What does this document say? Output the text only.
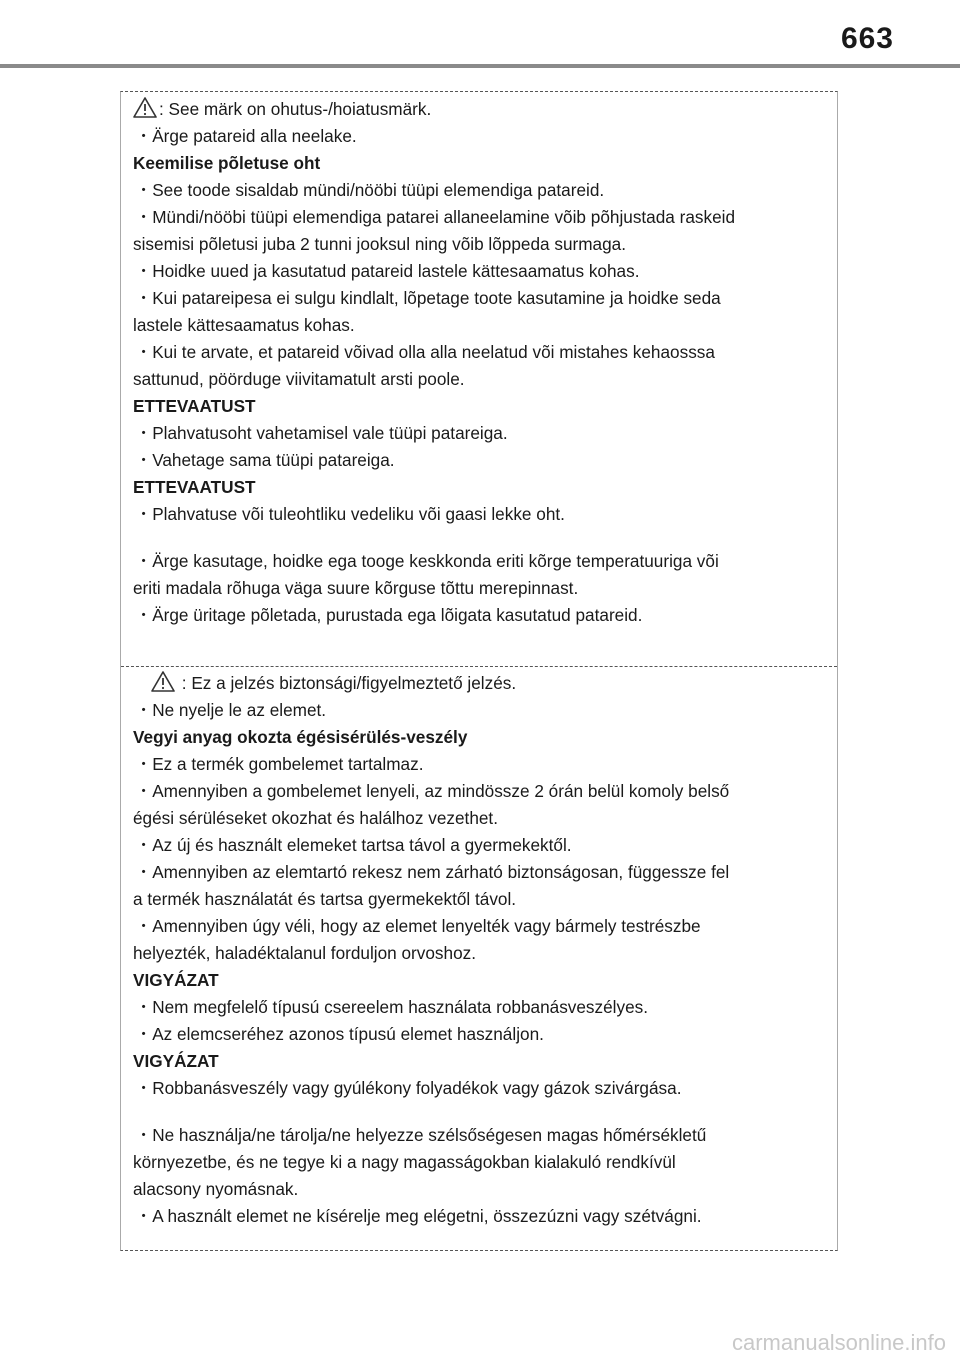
663
: See märk on ohutus-/hoiatusmärk.
・Ärge patareid alla neelake.
Keemilise põletuse oht
・See toode sisaldab mündi/nööbi tüüpi elemendiga patareid.
・Mündi/nööbi tüüpi elemendiga patarei allaneelamine võib põhjustada raskeid
sisemisi põletusi juba 2 tunni jooksul ning võib lõppeda surmaga.
・Hoidke uued ja kasutatud patareid lastele kättesaamatus kohas.
・Kui patareipesa ei sulgu kindlalt, lõpetage toote kasutamine ja hoidke seda
lastele kättesaamatus kohas.
・Kui te arvate, et patareid võivad olla alla neelatud või mistahes kehaosssa
sattunud, pöörduge viivitamatult arsti poole.
ETTEVAATUST
・Plahvatusoht vahetamisel vale tüüpi patareiga.
・Vahetage sama tüüpi patareiga.
ETTEVAATUST
・Plahvatuse või tuleohtliku vedeliku või gaasi lekke oht.
・Ärge kasutage, hoidke ega tooge keskkonda eriti kõrge temperatuuriga või
eriti madala rõhuga väga suure kõrguse tõttu merepinnast.
・Ärge üritage põletada, purustada ega lõigata kasutatud patareid.
: Ez a jelzés biztonsági/figyelmeztető jelzés.
・Ne nyelje le az elemet.
Vegyi anyag okozta égésisérülés-veszély
・Ez a termék gombelemet tartalmaz.
・Amennyiben a gombelemet lenyeli, az mindössze 2 órán belül komoly belső
égési sérüléseket okozhat és halálhoz vezethet.
・Az új és használt elemeket tartsa távol a gyermekektől.
・Amennyiben az elemtartó rekesz nem zárható biztonságosan, függessze fel
a termék használatát és tartsa gyermekektől távol.
・Amennyiben úgy véli, hogy az elemet lenyelték vagy bármely testrészbe
helyezték, haladéktalanul forduljon orvoshoz.
VIGYÁZAT
・Nem megfelelő típusú csereelem használata robbanásveszélyes.
・Az elemcseréhez azonos típusú elemet használjon.
VIGYÁZAT
・Robbanásveszély vagy gyúlékony folyadékok vagy gázok szivárgása.
・Ne használja/ne tárolja/ne helyezze szélsőségesen magas hőmérsékletű
környezetbe, és ne tegye ki a nagy magasságokban kialakuló rendkívül
alacsony nyomásnak.
・A használt elemet ne kísérelje meg elégetni, összezúzni vagy szétvágni.
carmanualsonline.info
